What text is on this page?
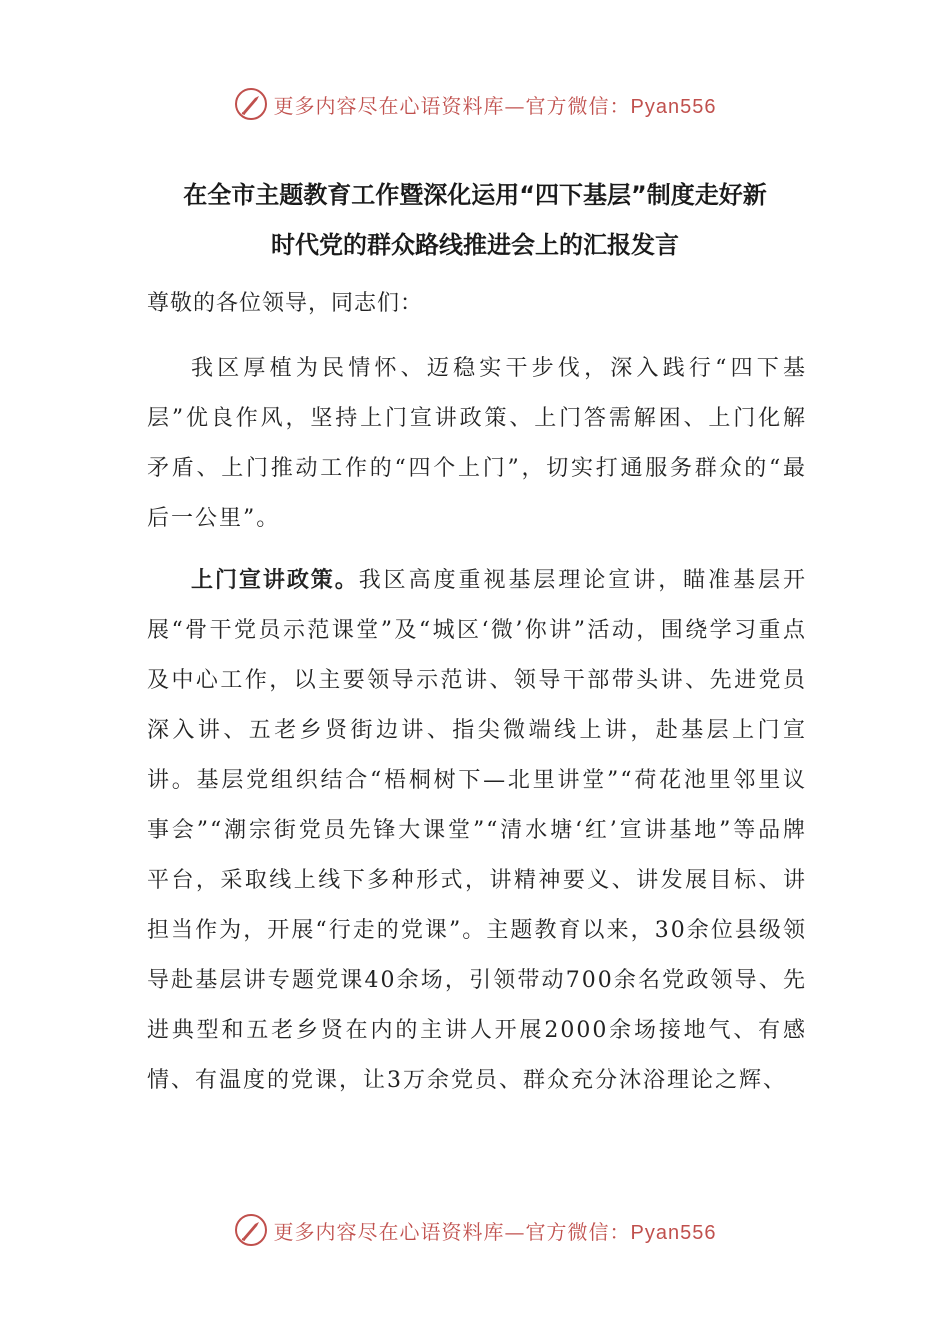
更多内容尽在心语资料库—官方微信：Pyan556
在全市主题教育工作暨深化运用“四下基层”制度走好新
时代党的群众路线推进会上的汇报发言
尊敬的各位领导，同志们：

我区厚植为民情怀、迈稳实干步伐，深入践行“四下基层”优良作风，坚持上门宣讲政策、上门答需解困、上门化解矛盾、上门推动工作的“四个上门”，切实打通服务群众的“最后一公里”。

上门宣讲政策。我区高度重视基层理论宣讲，瞄准基层开展“骨干党员示范课堂”及“城区‘微’你讲”活动，围绕学习重点及中心工作，以主要领导示范讲、领导干部带头讲、先进党员深入讲、五老乡贤街边讲、指尖微端线上讲，赴基层上门宣讲。基层党组织结合“梧桐树下—北里讲堂”“荷花池里邻里议事会”“潮宗街党员先锋大课堂”“清水塘‘红’宣讲基地”等品牌平台，采取线上线下多种形式，讲精神要义、讲发展目标、讲担当作为，开展“行走的党课”。主题教育以来，30余位县级领导赴基层讲专题党课40余场，引领带动700余名党政领导、先进典型和五老乡贤在内的主讲人开展2000余场接地气、有感情、有温度的党课，让3万余党员、群众充分沐浴理论之辉、

更多内容尽在心语资料库—官方微信：Pyan556
